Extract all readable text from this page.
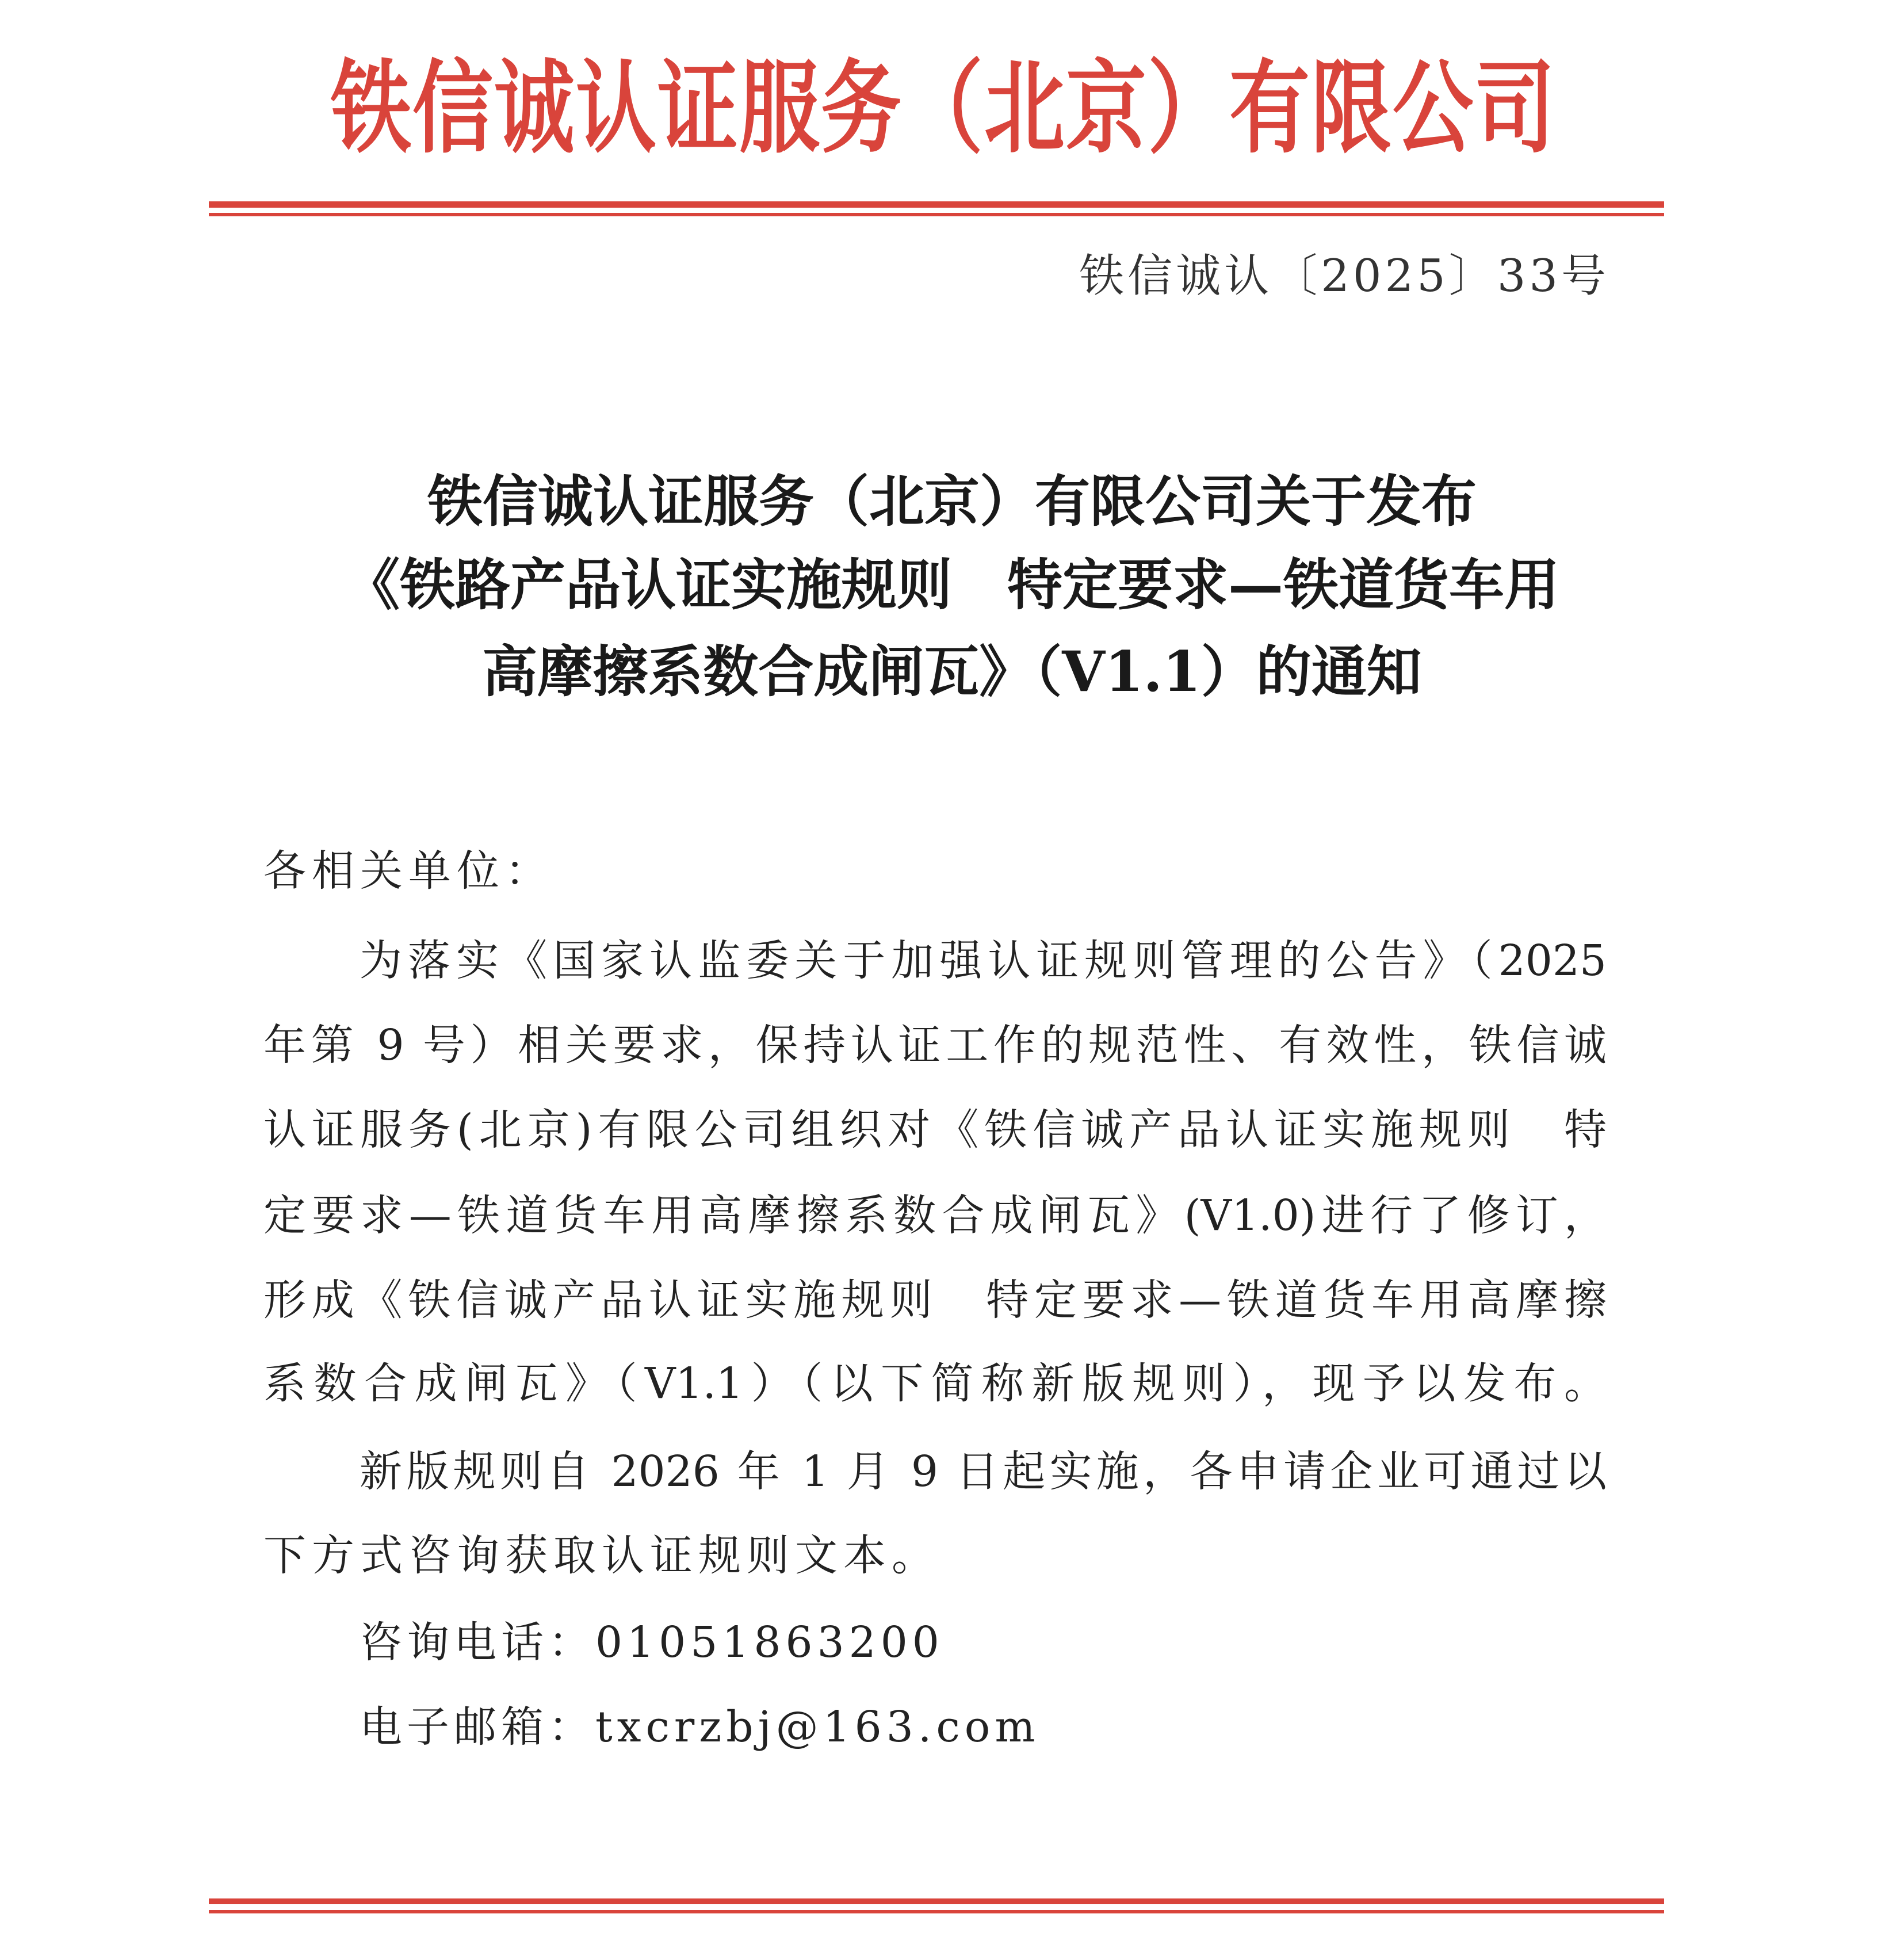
铁信诚认证服务（北京）有限公司
铁信诚认〔2025〕33号
铁信诚认证服务（北京）有限公司关于发布
《铁路产品认证实施规则　特定要求—铁道货车用
高摩擦系数合成闸瓦》（V1.1）的通知
各相关单位：
为落实《国家认监委关于加强认证规则管理的公告》（2025
年第 9 号）相关要求，保持认证工作的规范性、有效性，铁信诚
认证服务(北京)有限公司组织对《铁信诚产品认证实施规则　特
定要求—铁道货车用高摩擦系数合成闸瓦》(V1.0)进行了修订，
形成《铁信诚产品认证实施规则　特定要求—铁道货车用高摩擦
系数合成闸瓦》（V1.1）（以下简称新版规则），现予以发布。
新版规则自 2026 年 1 月 9 日起实施，各申请企业可通过以
下方式咨询获取认证规则文本。
咨询电话：01051863200
电子邮箱：txcrzbj@163.com
